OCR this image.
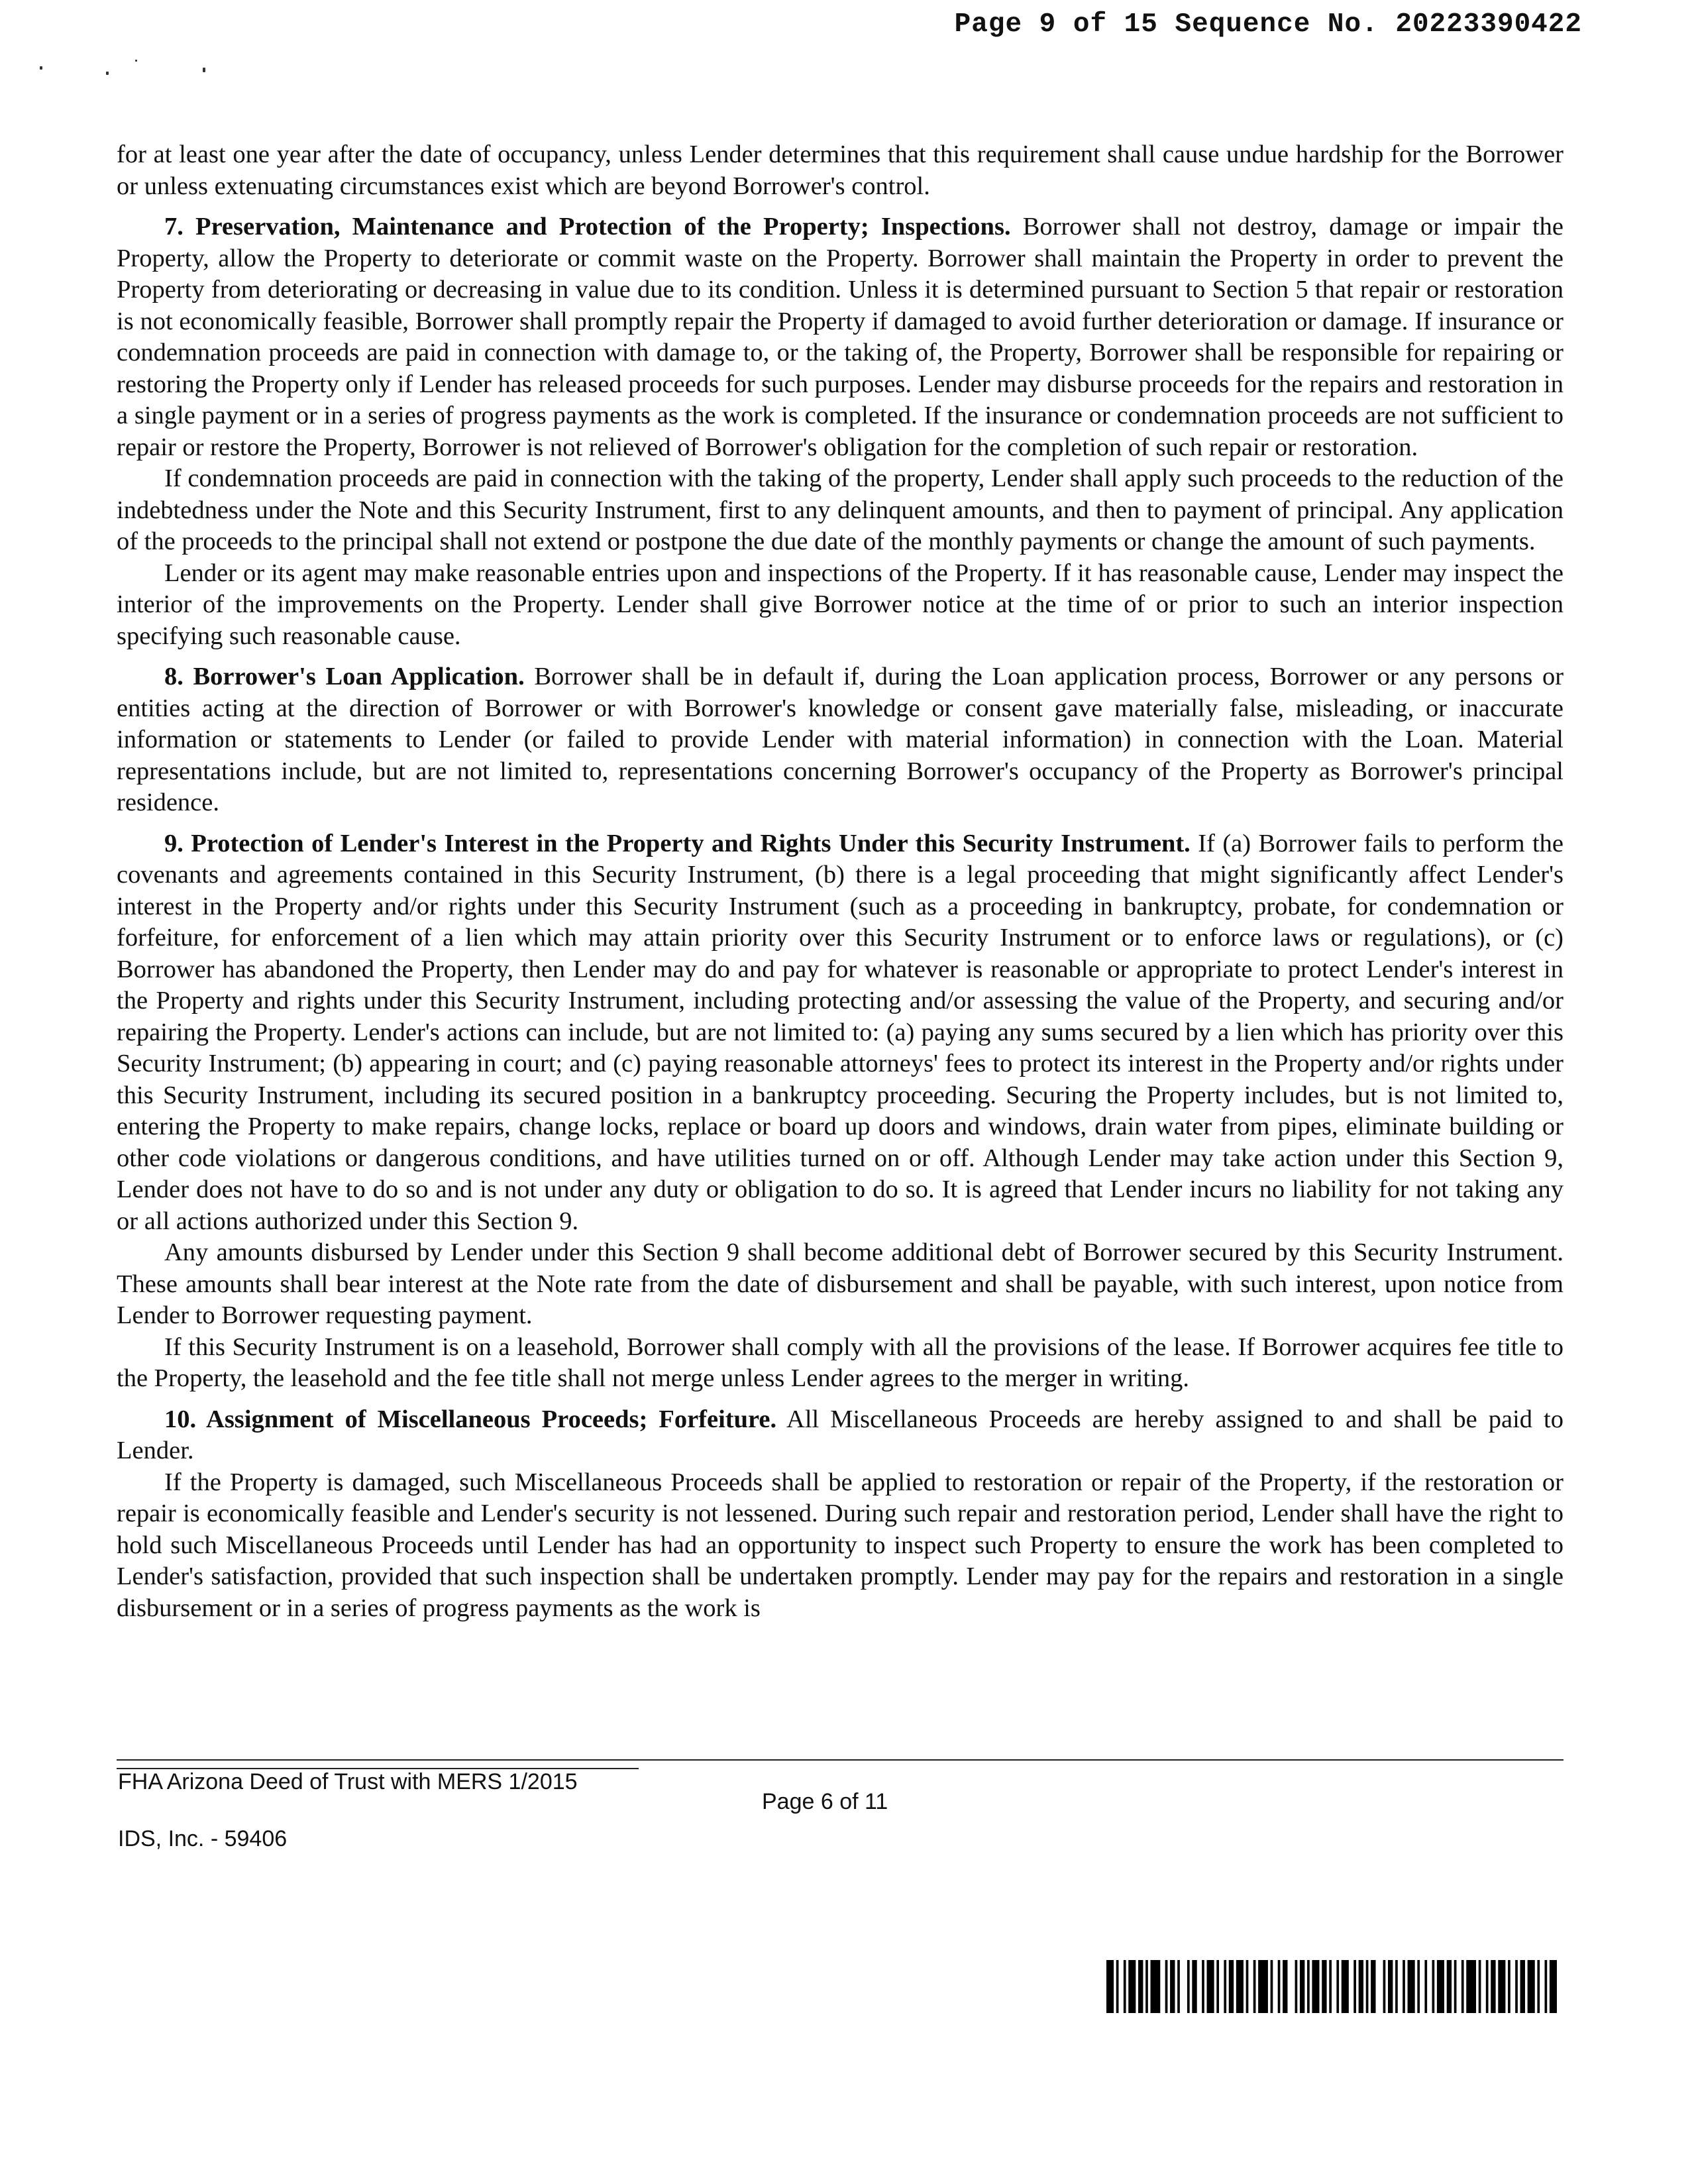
Page 9 of 15 Sequence No. 20223390422

for at least one year after the date of occupancy, unless Lender determines that this requirement shall cause undue hardship for the Borrower or unless extenuating circumstances exist which are beyond Borrower's control.

7. Preservation, Maintenance and Protection of the Property; Inspections. Borrower shall not destroy, damage or impair the Property, allow the Property to deteriorate or commit waste on the Property. Borrower shall maintain the Property in order to prevent the Property from deteriorating or decreasing in value due to its condition. Unless it is determined pursuant to Section 5 that repair or restoration is not economically feasible, Borrower shall promptly repair the Property if damaged to avoid further deterioration or damage. If insurance or condemnation proceeds are paid in connection with damage to, or the taking of, the Property, Borrower shall be responsible for repairing or restoring the Property only if Lender has released proceeds for such purposes. Lender may disburse proceeds for the repairs and restoration in a single payment or in a series of progress payments as the work is completed. If the insurance or condemnation proceeds are not sufficient to repair or restore the Property, Borrower is not relieved of Borrower's obligation for the completion of such repair or restoration.

If condemnation proceeds are paid in connection with the taking of the property, Lender shall apply such proceeds to the reduction of the indebtedness under the Note and this Security Instrument, first to any delinquent amounts, and then to payment of principal. Any application of the proceeds to the principal shall not extend or postpone the due date of the monthly payments or change the amount of such payments.

Lender or its agent may make reasonable entries upon and inspections of the Property. If it has reasonable cause, Lender may inspect the interior of the improvements on the Property. Lender shall give Borrower notice at the time of or prior to such an interior inspection specifying such reasonable cause.

8. Borrower's Loan Application. Borrower shall be in default if, during the Loan application process, Borrower or any persons or entities acting at the direction of Borrower or with Borrower's knowledge or consent gave materially false, misleading, or inaccurate information or statements to Lender (or failed to provide Lender with material information) in connection with the Loan. Material representations include, but are not limited to, representations concerning Borrower's occupancy of the Property as Borrower's principal residence.

9. Protection of Lender's Interest in the Property and Rights Under this Security Instrument. If (a) Borrower fails to perform the covenants and agreements contained in this Security Instrument, (b) there is a legal proceeding that might significantly affect Lender's interest in the Property and/or rights under this Security Instrument (such as a proceeding in bankruptcy, probate, for condemnation or forfeiture, for enforcement of a lien which may attain priority over this Security Instrument or to enforce laws or regulations), or (c) Borrower has abandoned the Property, then Lender may do and pay for whatever is reasonable or appropriate to protect Lender's interest in the Property and rights under this Security Instrument, including protecting and/or assessing the value of the Property, and securing and/or repairing the Property. Lender's actions can include, but are not limited to: (a) paying any sums secured by a lien which has priority over this Security Instrument; (b) appearing in court; and (c) paying reasonable attorneys' fees to protect its interest in the Property and/or rights under this Security Instrument, including its secured position in a bankruptcy proceeding. Securing the Property includes, but is not limited to, entering the Property to make repairs, change locks, replace or board up doors and windows, drain water from pipes, eliminate building or other code violations or dangerous conditions, and have utilities turned on or off. Although Lender may take action under this Section 9, Lender does not have to do so and is not under any duty or obligation to do so. It is agreed that Lender incurs no liability for not taking any or all actions authorized under this Section 9.

Any amounts disbursed by Lender under this Section 9 shall become additional debt of Borrower secured by this Security Instrument. These amounts shall bear interest at the Note rate from the date of disbursement and shall be payable, with such interest, upon notice from Lender to Borrower requesting payment.

If this Security Instrument is on a leasehold, Borrower shall comply with all the provisions of the lease. If Borrower acquires fee title to the Property, the leasehold and the fee title shall not merge unless Lender agrees to the merger in writing.

10. Assignment of Miscellaneous Proceeds; Forfeiture. All Miscellaneous Proceeds are hereby assigned to and shall be paid to Lender.

If the Property is damaged, such Miscellaneous Proceeds shall be applied to restoration or repair of the Property, if the restoration or repair is economically feasible and Lender's security is not lessened. During such repair and restoration period, Lender shall have the right to hold such Miscellaneous Proceeds until Lender has had an opportunity to inspect such Property to ensure the work has been completed to Lender's satisfaction, provided that such inspection shall be undertaken promptly. Lender may pay for the repairs and restoration in a single disbursement or in a series of progress payments as the work is

FHA Arizona Deed of Trust with MERS 1/2015
Page 6 of 11
IDS, Inc. - 59406
